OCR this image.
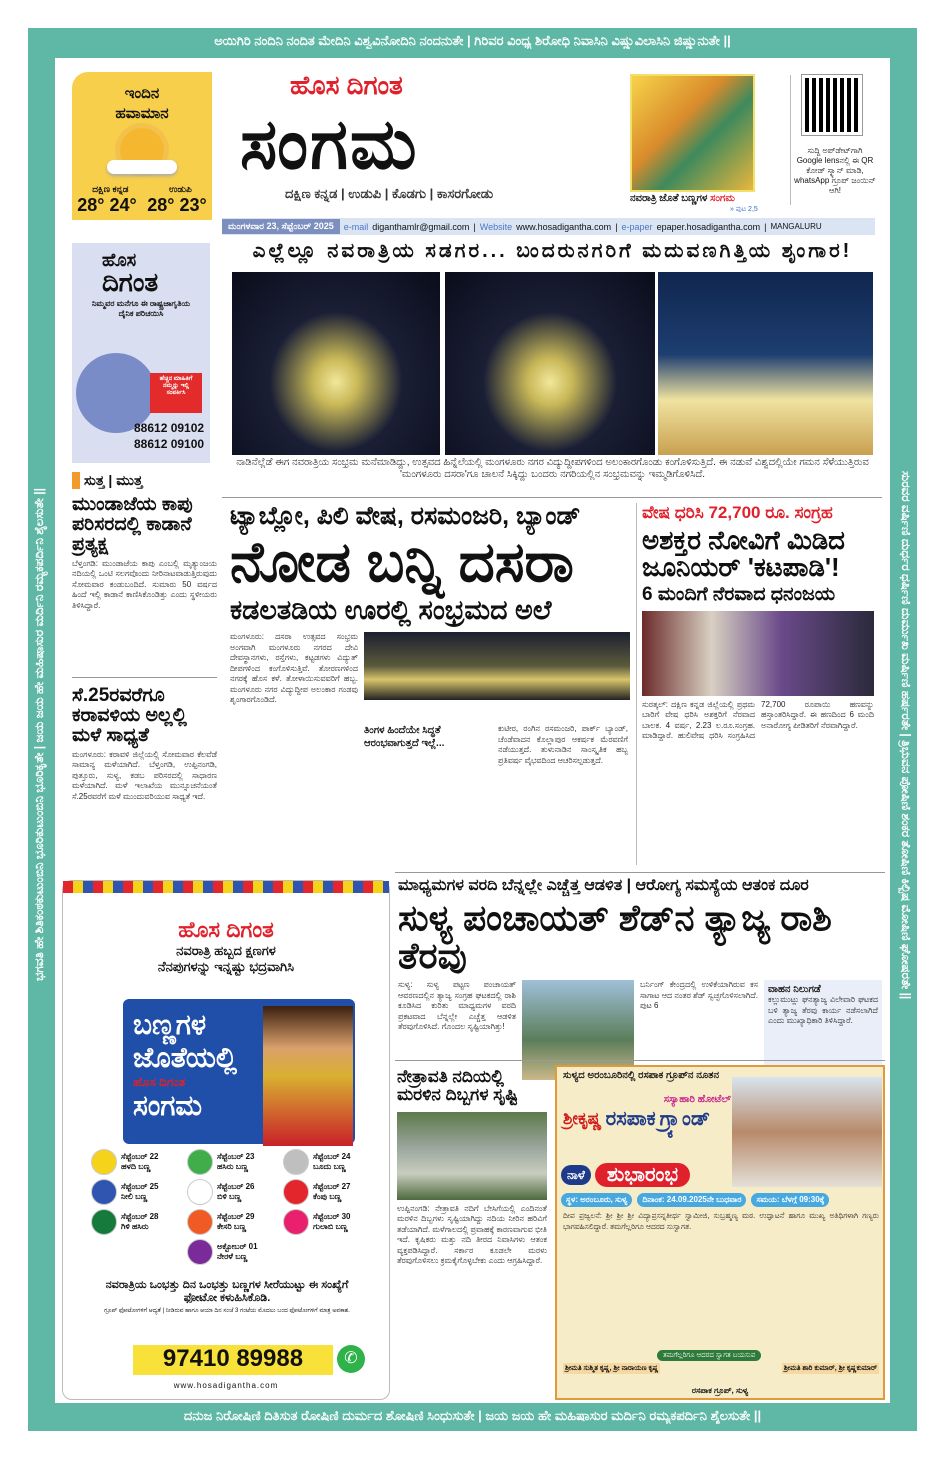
ಅಯಿಗಿರಿ ನಂದಿನಿ ನಂದಿತ ಮೇದಿನಿ ವಿಶ್ವವಿನೋದಿನಿ ನಂದನುತೇ | ಗಿರಿವರ ವಿಂಧ್ಯ ಶಿರೋಧಿ ನಿವಾಸಿನಿ ವಿಷ್ಣುವಿಲಾಸಿನಿ ಜಿಷ್ಣುನುತೇ ||
ದನುಜ ನಿರೋಷಿಣಿ ದಿತಿಸುತ ರೋಷಿಣಿ ದುರ್ಮದ ಶೋಷಿಣಿ ಸಿಂಧುಸುತೇ | ಜಯ ಜಯ ಹೇ ಮಹಿಷಾಸುರ ಮರ್ದಿನಿ ರಮ್ಯಕಪರ್ದಿನಿ ಶೈಲಸುತೇ ||
ಭಗವತಿ ಹೇ ಶಿತಿಕಂಠಕುಟುಂಬಿನಿ ಭೂರಿಕುಟುಂಬಿನಿ ಭೂರಿಕೃತೇ | ಜಯ ಜಯ ಹೇ ಮಹಿಷಾಸುರ ಮರ್ದಿನಿ ರಮ್ಯಕಪರ್ದಿನಿ ಶೈಲಸುತೇ ||	ಸುರವರ ವರ್ಷಿಣಿ ದುರ್ಧರ ಧರ್ಷಿಣಿ ದುರ್ಮುಖ ಮರ್ಷಿಣಿ ಹರ್ಷರತೇ | ತ್ರಿಭುವನ ಪೋಷಿಣಿ ಶಂಕರ ತೋಷಿಣಿ ಕಿಲ್ಬಿಷ ಮೋಷಿಣಿ ಘೋಷರತೇ ||
ಇಂದಿನ
ಹವಾಮಾನ
ದಕ್ಷಿಣ ಕನ್ನಡ	ಉಡುಪಿ
28° 24° 28° 23°
ಹೊಸ ದಿಗಂತ
ಸಂಗಮ
ದಕ್ಷಿಣ ಕನ್ನಡ | ಉಡುಪಿ | ಕೊಡಗು | ಕಾಸರಗೋಡು	ನವರಾತ್ರಿ ಜೊತೆ ಬಣ್ಣಗಳ ಸಂಗಮ
» ಪುಟ 2,5
ಸುದ್ದಿ ಅಪ್‌ಡೇಟ್‌ಗಾಗಿ Google lensನಲ್ಲಿ ಈ QR ಕೋಡ್ ಸ್ಕ್ಯಾನ್ ಮಾಡಿ, whatsApp ಗ್ರೂಪ್ ಜಂಯಿನ್ ಆಗಿ!
ಮಂಗಳವಾರ 23, ಸೆಪ್ಟೆಂಬರ್ 2025	e-mail diganthamlr@gmail.com | Website www.hosadigantha.com | e-paper epaper.hosadigantha.com | MANGALURU
ಎಲ್ಲೆಲ್ಲೂ ನವರಾತ್ರಿಯ ಸಡಗರ... ಬಂದರುನಗರಿಗೆ ಮದುವಣಗಿತ್ತಿಯ ಶೃಂಗಾರ!
ನಾಡಿನೆಲ್ಲೆಡೆ ಈಗ ನವರಾತ್ರಿಯ ಸಂಭ್ರಮ ಮನೆಮಾಡಿದ್ದು, ಉತ್ಸವದ ಹಿನ್ನೆಲೆಯಲ್ಲಿ ಮಂಗಳೂರು ನಗರ ವಿದ್ಯುದ್ದೀಪಗಳಿಂದ ಅಲಂಕಾರಗೊಂಡು ಕಂಗೊಳಿಸುತ್ತಿದೆ. ಈ ನಡುವೆ ವಿಶ್ವದಲ್ಲಿಯೇ ಗಮನ ಸೆಳೆಯುತ್ತಿರುವ 'ಮಂಗಳೂರು ದಸರಾ'ಗೂ ಚಾಲನೆ ಸಿಕ್ಕಿದ್ದು ಬಂದರು ನಗರಿಯಲ್ಲಿನ ಸಂಭ್ರಮವನ್ನು ಇಮ್ಮಡಿಗೊಳಿಸಿದೆ.
ಹೊಸ
ದಿಗಂತ
ನಿಮ್ಮವರ ಮನೆಗೂ ಈ ರಾಷ್ಟ್ರಜಾಗೃತಿಯ ದೈನಿಕ ಪರಿಚಯಿಸಿ
ಹೆಚ್ಚಿನ ಮಾಹಿತಿಗೆ ನಮ್ಮನ್ನು ಇಲ್ಲಿ ಸಂಪರ್ಕಿಸಿ
88612 09102
88612 09100
ಸುತ್ತ | ಮುತ್ತ
ಮುಂಡಾಜೆಯ ಕಾಪು ಪರಿಸರದಲ್ಲಿ ಕಾಡಾನೆ ಪ್ರತ್ಯಕ್ಷ
ಬೆಳ್ತಂಗಡಿ: ಮುಂಡಾಜೆಯ ಕಾಪು ಎಂಬಲ್ಲಿ ಮೃತ್ಯುಂಜಯ ನದಿಯಲ್ಲಿ ಒಂಟಿ ಸಲಗವೊಂದು ನೀರಿನಾಟವಾಡುತ್ತಿರುವುದು ಸೋಮವಾರ ಕಂಡುಬಂದಿದೆ. ಸುಮಾರು 50 ವರ್ಷದ ಹಿಂದೆ ಇಲ್ಲಿ ಕಾಡಾನೆ ಕಾಣಿಸಿಕೊಂಡಿತ್ತು ಎಂದು ಸ್ಥಳೀಯರು ತಿಳಿಸಿದ್ದಾರೆ.
ಸೆ.25ರವರೆಗೂ ಕರಾವಳಿಯ ಅಲ್ಲಲ್ಲಿ ಮಳೆ ಸಾಧ್ಯತೆ
ಮಂಗಳೂರು: ಕರಾವಳಿ ಜಿಲ್ಲೆಯಲ್ಲಿ ಸೋಮವಾರ ಕೆಲವೆಡೆ ಸಾಮಾನ್ಯ ಮಳೆಯಾಗಿದೆ. ಬೆಳ್ತಂಗಡಿ, ಉಪ್ಪಿನಂಗಡಿ, ಪುತ್ತೂರು, ಸುಳ್ಯ, ಕಡಬ ಪರಿಸರದಲ್ಲಿ ಸಾಧಾರಣ ಮಳೆಯಾಗಿದೆ. ಮಳೆ ಇಲಾಖೆಯ ಮುನ್ಸೂಚನೆಯಂತೆ ಸೆ.25ರವರೆಗೆ ಮಳೆ ಮುಂದುವರಿಯುವ ಸಾಧ್ಯತೆ ಇದೆ.
ಟ್ಯಾಬ್ಲೋ, ಪಿಲಿ ವೇಷ, ರಸಮಂಜರಿ, ಬ್ಯಾಂಡ್
ನೋಡ ಬನ್ನಿ ದಸರಾ
ಕಡಲತಡಿಯ ಊರಲ್ಲಿ ಸಂಭ್ರಮದ ಅಲೆ
ಮಂಗಳೂರು: ದಸರಾ ಉತ್ಸವದ ಸಂಭ್ರಮ ಅಂಗವಾಗಿ ಮಂಗಳೂರು ನಗರದ ದೇವಿ ದೇವಸ್ಥಾನಗಳು, ರಸ್ತೆಗಳು, ಕಟ್ಟಡಗಳು ವಿದ್ಯುತ್ ದೀಪಗಳಿಂದ ಕಂಗೊಳಿಸುತ್ತಿವೆ. ತೋರಣಗಳಿಂದ ನಗರಕ್ಕೆ ಹೊಸ ಕಳೆ. ತೋಳಾಯಿಸುವವರಿಗೆ ಹಬ್ಬ. ಮಂಗಳೂರು ನಗರ ವಿದ್ಯುದ್ದೀಪ ಅಲಂಕಾರ ಗಂಡವು ಶೃಂಗಾರಗೊಂಡಿದೆ.
ತಿಂಗಳ ಹಿಂದೆಯೇ ಸಿದ್ಧತೆ ಆರಂಭವಾಗುತ್ತದೆ ಇಲ್ಲೆ...
ಕುಟೀರ, ರಂಗಿನ ರಸಮಂಜರಿ, ಪಾರ್ಕ್ ಬ್ಯಾಂಡ್, ಚೆಂಡೆವಾದನ ಕೊಲ್ಲಾಪುರ ಆಕರ್ಷಕ ಮೆರವಣಿಗೆ ನಡೆಯುತ್ತದೆ. ತುಳುನಾಡಿನ ಸಾಂಸ್ಕೃತಿಕ ಹಬ್ಬ ಪ್ರತಿವರ್ಷ ವೈಭವದಿಂದ ಆಚರಿಸಲ್ಪಡುತ್ತದೆ.
ವೇಷ ಧರಿಸಿ 72,700 ರೂ. ಸಂಗ್ರಹ
ಅಶಕ್ತರ ನೋವಿಗೆ ಮಿಡಿದ ಜೂನಿಯರ್ 'ಕಟಪಾಡಿ'!
6 ಮಂದಿಗೆ ನೆರವಾದ ಧನಂಜಯ
ಸುರತ್ಕಲ್: ದಕ್ಷಿಣ ಕನ್ನಡ ಜಿಲ್ಲೆಯಲ್ಲಿ ಪ್ರಥಮ ಬಾರಿಗೆ ವೇಷ ಧರಿಸಿ ಅಶಕ್ತರಿಗೆ ನೆರವಾದ ಬಾಲಕ. 4 ವರ್ಷ, 2.23 ಲ.ರೂ.ಸಂಗ್ರಹ. ಮಾಡಿದ್ದಾರೆ. ಹುಲಿವೇಷ ಧರಿಸಿ ಸಂಗ್ರಹಿಸಿದ 72,700 ರೂಪಾಯಿ ಹಣವನ್ನು ಹಸ್ತಾಂತರಿಸಿದ್ದಾರೆ. ಈ ಹಣದಿಂದ 6 ಮಂದಿ ಅನಾರೋಗ್ಯ ಪೀಡಿತರಿಗೆ ನೆರವಾಗಿದ್ದಾರೆ.
ಹೊಸ ದಿಗಂತ
ನವರಾತ್ರಿ ಹಬ್ಬದ ಕ್ಷಣಗಳ
ನೆನಪುಗಳನ್ನು ಇನ್ನಷ್ಟು ಭದ್ರವಾಗಿಸಿ
ಬಣ್ಣಗಳ
ಜೊತೆಯಲ್ಲಿ
ಹೊಸ ದಿಗಂತ
ಸಂಗಮ
ಸೆಪ್ಟೆಂಬರ್ 22
ಹಳದಿ ಬಣ್ಣ
ಸೆಪ್ಟೆಂಬರ್ 23
ಹಸಿರು ಬಣ್ಣ
ಸೆಪ್ಟೆಂಬರ್ 24
ಬೂದು ಬಣ್ಣ
ಸೆಪ್ಟೆಂಬರ್ 25
ನೀಲಿ ಬಣ್ಣ
ಸೆಪ್ಟೆಂಬರ್ 26
ಬಿಳಿ ಬಣ್ಣ
ಸೆಪ್ಟೆಂಬರ್ 27
ಕೆಂಪು ಬಣ್ಣ
ಸೆಪ್ಟೆಂಬರ್ 28
ಗಿಳಿ ಹಸಿರು
ಸೆಪ್ಟೆಂಬರ್ 29
ಕೇಸರಿ ಬಣ್ಣ
ಸೆಪ್ಟೆಂಬರ್ 30
ಗುಲಾಬಿ ಬಣ್ಣ
ಅಕ್ಟೋಬರ್ 01
ನೇರಳೆ ಬಣ್ಣ
ನವರಾತ್ರಿಯ ಒಂಭತ್ತು ದಿನ ಒಂಭತ್ತು ಬಣ್ಣಗಳ ಸೀರೆಯುಟ್ಟು ಈ ಸಂಖ್ಯೆಗೆ ಫೋಟೋ ಕಳುಹಿಸಿಕೊಡಿ.
ಗ್ರೂಪ್ ಫೋಟೋಗಳಿಗೆ ಆದ್ಯತೆ | ನೀಡಿರುವ ಹಾಗೂ ಆಯಾ ದಿನ ಸಂಜೆ 3 ಗಂಟೆಯ ಮೊದಲು ಬಂದ ಫೋಟೋಗಳಿಗೆ ಮಾತ್ರ ಅವಕಾಶ.
97410 89988	✆
www.hosadigantha.com
ಮಾಧ್ಯಮಗಳ ವರದಿ ಬೆನ್ನಲ್ಲೇ ಎಚ್ಚೆತ್ತ ಆಡಳಿತ | ಆರೋಗ್ಯ ಸಮಸ್ಯೆಯ ಆತಂಕ ದೂರ
ಸುಳ್ಯ ಪಂಚಾಯತ್ ಶೆಡ್‌ನ ತ್ಯಾಜ್ಯ ರಾಶಿ ತೆರವು
ಸುಳ್ಯ: ಸುಳ್ಯ ಪಟ್ಟಣ ಪಂಚಾಯತ್ ಆವರಣದಲ್ಲಿನ ತ್ಯಾಜ್ಯ ಸಂಗ್ರಹ ಘಟಕದಲ್ಲಿ ರಾಶಿ ಕೂಡಿಸಿದ ಕುರಿತು ಮಾಧ್ಯಮಗಳ ವರದಿ ಪ್ರಕಟವಾದ ಬೆನ್ನಲ್ಲೇ ಎಚ್ಚೆತ್ತ ಆಡಳಿತ ತೆರವುಗೊಳಿಸಿದೆ. ಗೊಂದಲ ಸೃಷ್ಟಿಯಾಗಿತ್ತು!
ಬರ್ನಿಂಗ್ ಕೇಂದ್ರದಲ್ಲಿ ಉಳಿಕೆಯಾಗಿರುವ ಕಸ ಸಾಗಾಟ ಆದ ನಂತರ ಶೆಡ್ ಸ್ವಚ್ಛಗೊಳಿಸಲಾಗಿದೆ. ಪುಟ 6
ವಾಹನ ನಿಲುಗಡೆ
ಕಲ್ಲುಮುಟ್ಲು ಘನತ್ಯಾಜ್ಯ ವಿಲೇವಾರಿ ಘಟಕದ ಬಳಿ ತ್ಯಾಜ್ಯ ತೆರವು ಕಾರ್ಯ ನಡೆಸಲಾಗಿದೆ ಎಂದು ಮುಖ್ಯಾಧಿಕಾರಿ ತಿಳಿಸಿದ್ದಾರೆ.
ನೇತ್ರಾವತಿ ನದಿಯಲ್ಲಿ ಮರಳಿನ ದಿಬ್ಬಗಳ ಸೃಷ್ಟಿ
ಉಪ್ಪಿನಂಗಡಿ: ನೇತ್ರಾವತಿ ನದಿಗೆ ಬೇಸಿಗೆಯಲ್ಲಿ ಎಂದಿನಂತೆ ಮರಳಿನ ದಿಬ್ಬಗಳು ಸೃಷ್ಟಿಯಾಗಿದ್ದು ನದಿಯ ನೀರಿನ ಹರಿವಿಗೆ ತಡೆಯಾಗಿದೆ. ಮಳೆಗಾಲದಲ್ಲಿ ಪ್ರವಾಹಕ್ಕೆ ಕಾರಣವಾಗುವ ಭೀತಿ ಇದೆ. ಕೃಷಿಕರು ಮತ್ತು ನದಿ ತೀರದ ನಿವಾಸಿಗಳು ಆತಂಕ ವ್ಯಕ್ತಪಡಿಸಿದ್ದಾರೆ. ಸರ್ಕಾರ ಕೂಡಲೇ ಮರಳು ತೆರವುಗೊಳಿಸಲು ಕ್ರಮಕೈಗೊಳ್ಳಬೇಕು ಎಂದು ಆಗ್ರಹಿಸಿದ್ದಾರೆ.
ಸುಳ್ಯದ ಅರಂಬೂರಿನಲ್ಲಿ ರಸಪಾಕ ಗ್ರೂಪ್‌ನ ನೂತನ
ಸಸ್ಯಾಹಾರಿ ಹೋಟೆಲ್
ಶ್ರೀಕೃಷ್ಣ ರಸಪಾಕ ಗ್ರ್ಯಾಂಡ್
ನಾಳೆ	ಶುಭಾರಂಭ
ಸ್ಥಳ: ಅರಂಬೂರು, ಸುಳ್ಯ	ದಿನಾಂಕ: 24.09.2025ನೇ ಬುಧವಾರ	ಸಮಯ: ಬೆಳಗ್ಗೆ 09:30ಕ್ಕೆ
ದೀಪ ಪ್ರಜ್ವಲನೆ: ಶ್ರೀ ಶ್ರೀ ಶ್ರೀ ವಿದ್ಯಾಪ್ರಸನ್ನತೀರ್ಥ ಸ್ವಾಮೀಜಿ, ಸುಬ್ರಹ್ಮಣ್ಯ ಮಠ. ಉದ್ಘಾಟನೆ ಹಾಗೂ ಮುಖ್ಯ ಅತಿಥಿಗಳಾಗಿ ಗಣ್ಯರು ಭಾಗವಹಿಸಲಿದ್ದಾರೆ. ತಮಗೆಲ್ಲರಿಗೂ ಆದರದ ಸುಸ್ವಾಗತ.
ತಮಗೆಲ್ಲರಿಗೂ ಆದರದ ಸ್ವಾಗತ ಬಯಸುವ
ಶ್ರೀಮತಿ ಸುಶ್ಮಿತ ಕೃಷ್ಣ, ಶ್ರೀ ನಾರಾಯಣ ಕೃಷ್ಣ	ಶ್ರೀಮತಿ ಶಾರಿ ಕುಮಾರ್, ಶ್ರೀ ಕೃಷ್ಣಕುಮಾರ್
ರಸಪಾಕ ಗ್ರೂಪ್, ಸುಳ್ಯ
